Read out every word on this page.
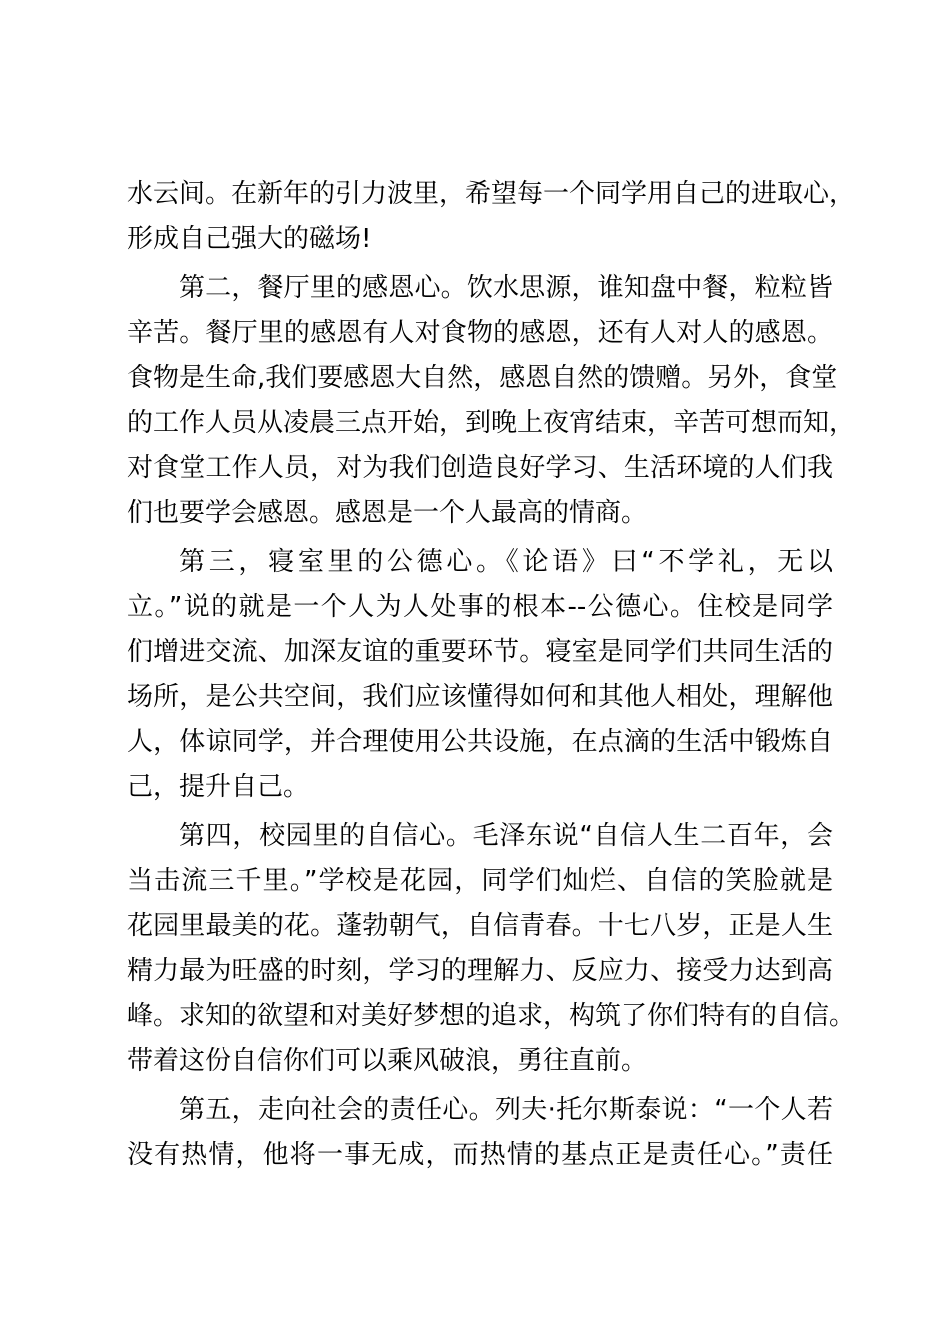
水云间。在新年的引力波里，希望每一个同学用自己的进取心，
形成自己强大的磁场!
第二，餐厅里的感恩心。饮水思源，谁知盘中餐，粒粒皆
辛苦。餐厅里的感恩有人对食物的感恩，还有人对人的感恩。
食物是生命,我们要感恩大自然，感恩自然的馈赠。另外，食堂
的工作人员从凌晨三点开始，到晚上夜宵结束，辛苦可想而知，
对食堂工作人员，对为我们创造良好学习、生活环境的人们我
们也要学会感恩。感恩是一个人最高的情商。
第三，寝室里的公德心。《论语》曰“不学礼，无以
立。”说的就是一个人为人处事的根本--公德心。住校是同学
们增进交流、加深友谊的重要环节。寝室是同学们共同生活的
场所，是公共空间，我们应该懂得如何和其他人相处，理解他
人，体谅同学，并合理使用公共设施，在点滴的生活中锻炼自
己，提升自己。
第四，校园里的自信心。毛泽东说“自信人生二百年，会
当击流三千里。”学校是花园，同学们灿烂、自信的笑脸就是
花园里最美的花。蓬勃朝气，自信青春。十七八岁，正是人生
精力最为旺盛的时刻，学习的理解力、反应力、接受力达到高
峰。求知的欲望和对美好梦想的追求，构筑了你们特有的自信。
带着这份自信你们可以乘风破浪，勇往直前。
第五，走向社会的责任心。列夫·托尔斯泰说：“一个人若
没有热情，他将一事无成，而热情的基点正是责任心。”责任
